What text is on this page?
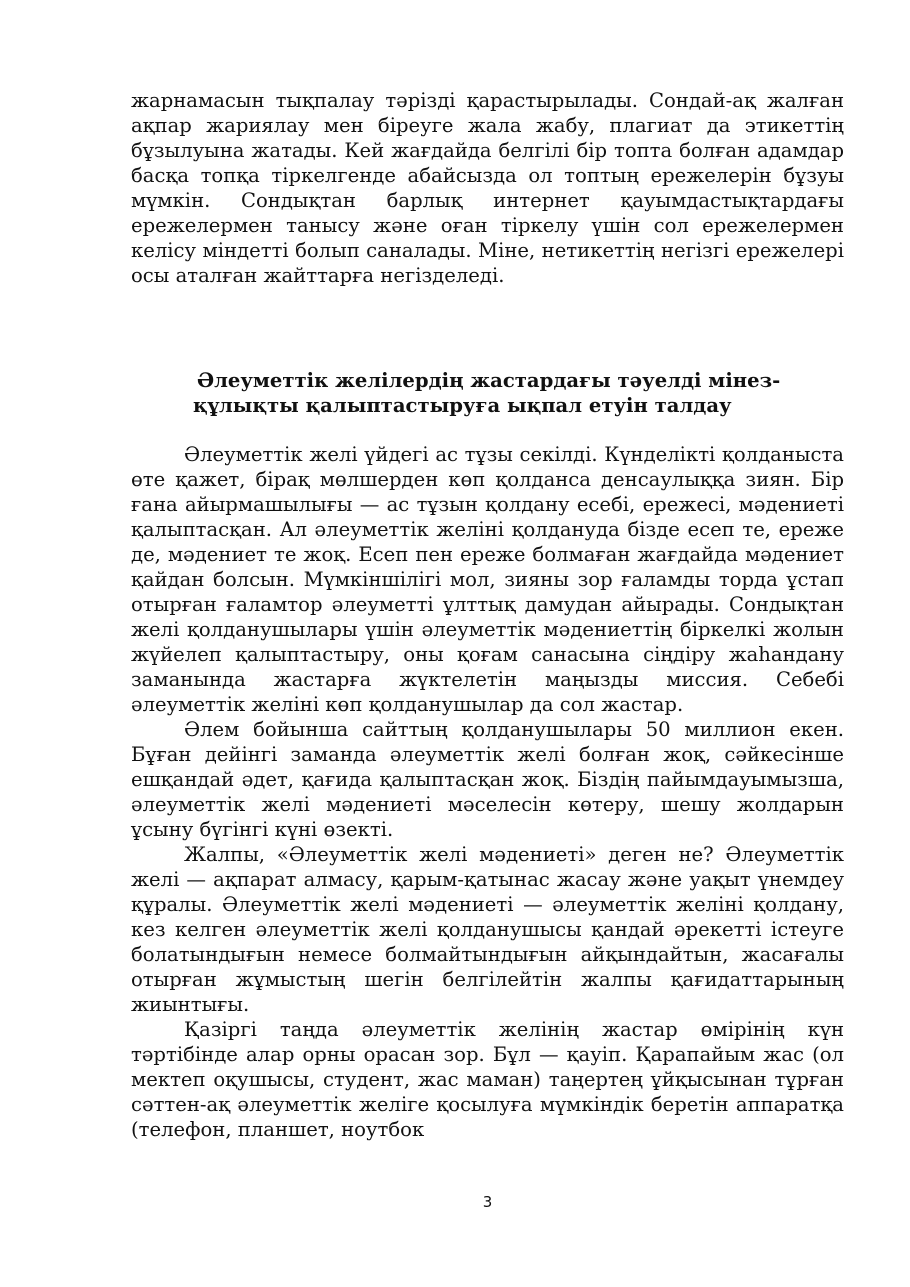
жарнамасын тықпалау тәрізді қарастырылады. Сондай-ақ жалған ақпар жариялау мен біреуге жала жабу, плагиат да этикеттің бұзылуына жатады. Кей жағдайда белгілі бір топта болған адамдар басқа топқа тіркелгенде абайсызда ол топтың ережелерін бұзуы мүмкін. Сондықтан барлық интернет қауымдастықтардағы ережелермен танысу және оған тіркелу үшін сол ережелермен келісу міндетті болып саналады. Міне, нетикеттің негізгі ережелері осы аталған жайттарға негізделеді.

Әлеуметтік желілердің жастардағы тәуелді мінез-
құлықты қалыптастыруға ықпал етуін талдау

Әлеуметтік желі үйдегі ас тұзы секілді. Күнделікті қолданыста өте қажет, бірақ мөлшерден көп қолданса денсаулыққа зиян. Бір ғана айырмашылығы — ас тұзын қолдану есебі, ережесі, мәдениеті қалыптасқан. Ал әлеуметтік желіні қолдануда бізде есеп те, ереже де, мәдениет те жоқ. Есеп пен ереже болмаған жағдайда мәдениет қайдан болсын. Мүмкіншілігі мол, зияны зор ғаламды торда ұстап отырған ғаламтор әлеуметті ұлттық дамудан айырады. Сондықтан желі қолданушылары үшін әлеуметтік мәдениеттің біркелкі жолын жүйелеп қалыптастыру, оны қоғам санасына сіңдіру жаһандану заманында жастарға жүктелетін маңызды миссия. Себебі әлеуметтік желіні көп қолданушылар да сол жастар.

Әлем бойынша сайттың қолданушылары 50 миллион екен. Бұған дейінгі заманда әлеуметтік желі болған жоқ, сәйкесінше ешқандай әдет, қағида қалыптасқан жоқ. Біздің пайымдауымызша, әлеуметтік желі мәдениеті мәселесін көтеру, шешу жолдарын ұсыну бүгінгі күні өзекті.

Жалпы, «Әлеуметтік желі мәдениеті» деген не? Әлеуметтік желі — ақпарат алмасу, қарым-қатынас жасау және уақыт үнемдеу құралы. Әлеуметтік желі мәдениеті — әлеуметтік желіні қолдану, кез келген әлеуметтік желі қолданушысы қандай әрекетті істеуге болатындығын немесе болмайтындығын айқындайтын, жасағалы отырған жұмыстың шегін белгілейтін жалпы қағидаттарының жиынтығы.

Қазіргі таңда әлеуметтік желінің жастар өмірінің күн тәртібінде алар орны орасан зор. Бұл — қауіп. Қарапайым жас (ол мектеп оқушысы, студент, жас маман) таңертең ұйқысынан тұрған сәттен-ақ әлеуметтік желіге қосылуға мүмкіндік беретін аппаратқа (телефон, планшет, ноутбок

3
